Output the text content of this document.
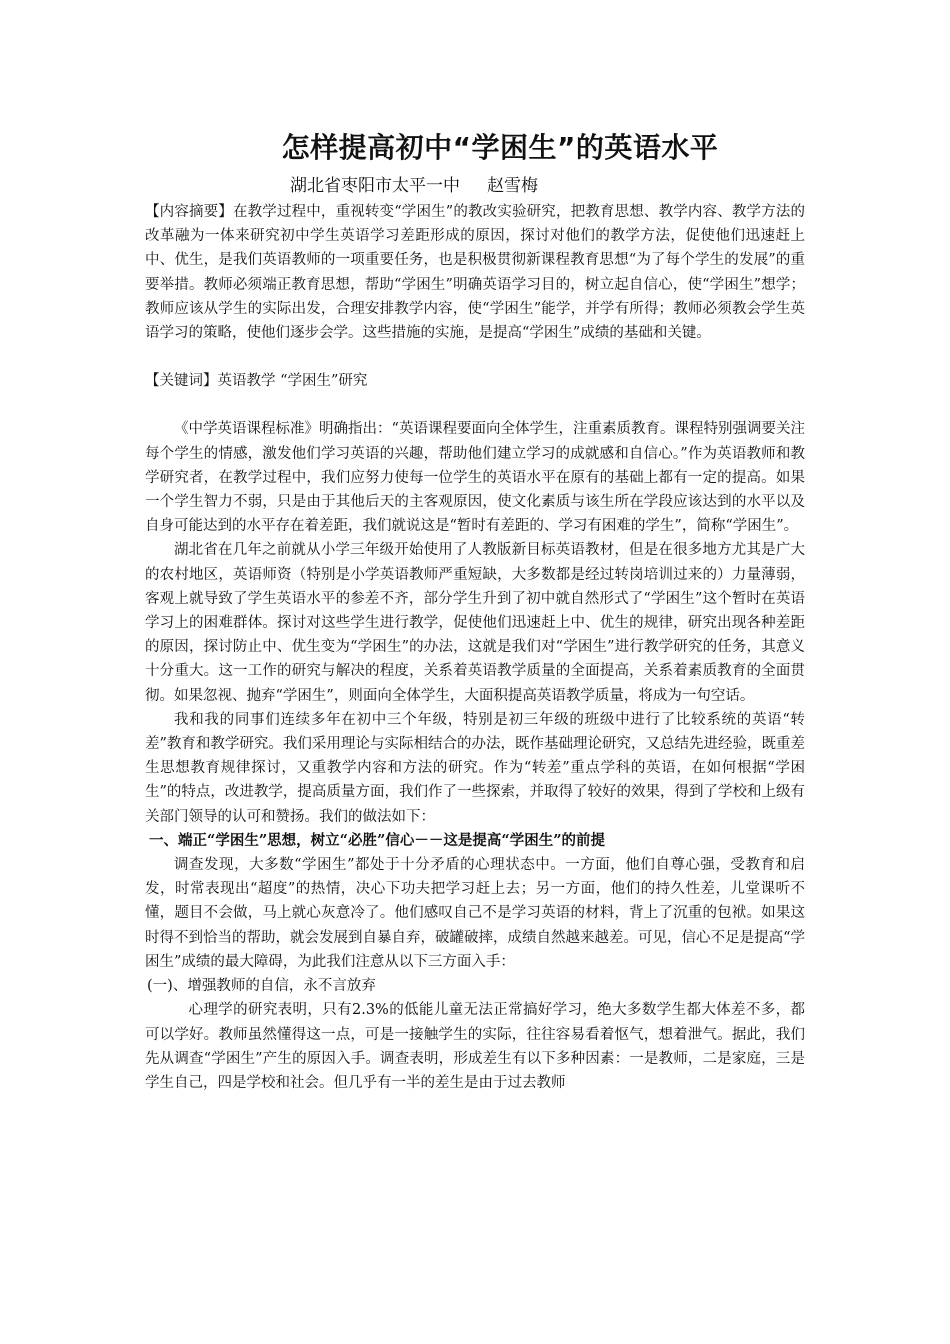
怎样提高初中“学困生”的英语水平

湖北省枣阳市太平一中     赵雪梅

【内容摘要】在教学过程中，重视转变“学困生”的教改实验研究，把教育思想、教学内容、教学方法的改革融为一体来研究初中学生英语学习差距形成的原因，探讨对他们的教学方法，促使他们迅速赶上中、优生，是我们英语教师的一项重要任务，也是积极贯彻新课程教育思想“为了每个学生的发展”的重要举措。教师必须端正教育思想，帮助“学困生”明确英语学习目的，树立起自信心，使“学困生”想学；教师应该从学生的实际出发，合理安排教学内容，使“学困生”能学，并学有所得；教师必须教会学生英语学习的策略，使他们逐步会学。这些措施的实施，是提高“学困生”成绩的基础和关键。

【关键词】英语教学 “学困生”研究

《中学英语课程标准》明确指出：“英语课程要面向全体学生，注重素质教育。课程特别强调要关注每个学生的情感，激发他们学习英语的兴趣，帮助他们建立学习的成就感和自信心。”作为英语教师和教学研究者，在教学过程中，我们应努力使每一位学生的英语水平在原有的基础上都有一定的提高。如果一个学生智力不弱，只是由于其他后天的主客观原因，使文化素质与该生所在学段应该达到的水平以及自身可能达到的水平存在着差距，我们就说这是“暂时有差距的、学习有困难的学生”，简称“学困生”。

湖北省在几年之前就从小学三年级开始使用了人教版新目标英语教材，但是在很多地方尤其是广大的农村地区，英语师资（特别是小学英语教师严重短缺，大多数都是经过转岗培训过来的）力量薄弱，客观上就导致了学生英语水平的参差不齐，部分学生升到了初中就自然形式了“学困生”这个暂时在英语学习上的困难群体。探讨对这些学生进行教学，促使他们迅速赶上中、优生的规律，研究出现各种差距的原因，探讨防止中、优生变为“学困生”的办法，这就是我们对“学困生”进行教学研究的任务，其意义十分重大。这一工作的研究与解决的程度，关系着英语教学质量的全面提高，关系着素质教育的全面贯彻。如果忽视、抛弃“学困生”，则面向全体学生，大面积提高英语教学质量，将成为一句空话。

我和我的同事们连续多年在初中三个年级，特别是初三年级的班级中进行了比较系统的英语“转差”教育和教学研究。我们采用理论与实际相结合的办法，既作基础理论研究，又总结先进经验，既重差生思想教育规律探讨，又重教学内容和方法的研究。作为“转差”重点学科的英语，在如何根据“学困生”的特点，改进教学，提高质量方面，我们作了一些探索，并取得了较好的效果，得到了学校和上级有关部门领导的认可和赞扬。我们的做法如下：

一、端正“学困生”思想，树立“必胜”信心－－这是提高“学困生”的前提

调查发现，大多数“学困生”都处于十分矛盾的心理状态中。一方面，他们自尊心强，受教育和启发，时常表现出“超度”的热情，决心下功夫把学习赶上去；另一方面，他们的持久性差，儿堂课听不懂，题目不会做，马上就心灰意冷了。他们感叹自己不是学习英语的材料，背上了沉重的包袱。如果这时得不到恰当的帮助，就会发展到自暴自弃，破罐破摔，成绩自然越来越差。可见，信心不足是提高“学困生”成绩的最大障碍，为此我们注意从以下三方面入手：

(一)、增强教师的自信，永不言放弃

心理学的研究表明，只有2.3%的低能儿童无法正常搞好学习，绝大多数学生都大体差不多，都可以学好。教师虽然懂得这一点，可是一接触学生的实际，往往容易看着怄气，想着泄气。据此，我们先从调查“学困生”产生的原因入手。调查表明，形成差生有以下多种因素：一是教师，二是家庭，三是学生自己，四是学校和社会。但几乎有一半的差生是由于过去教师
